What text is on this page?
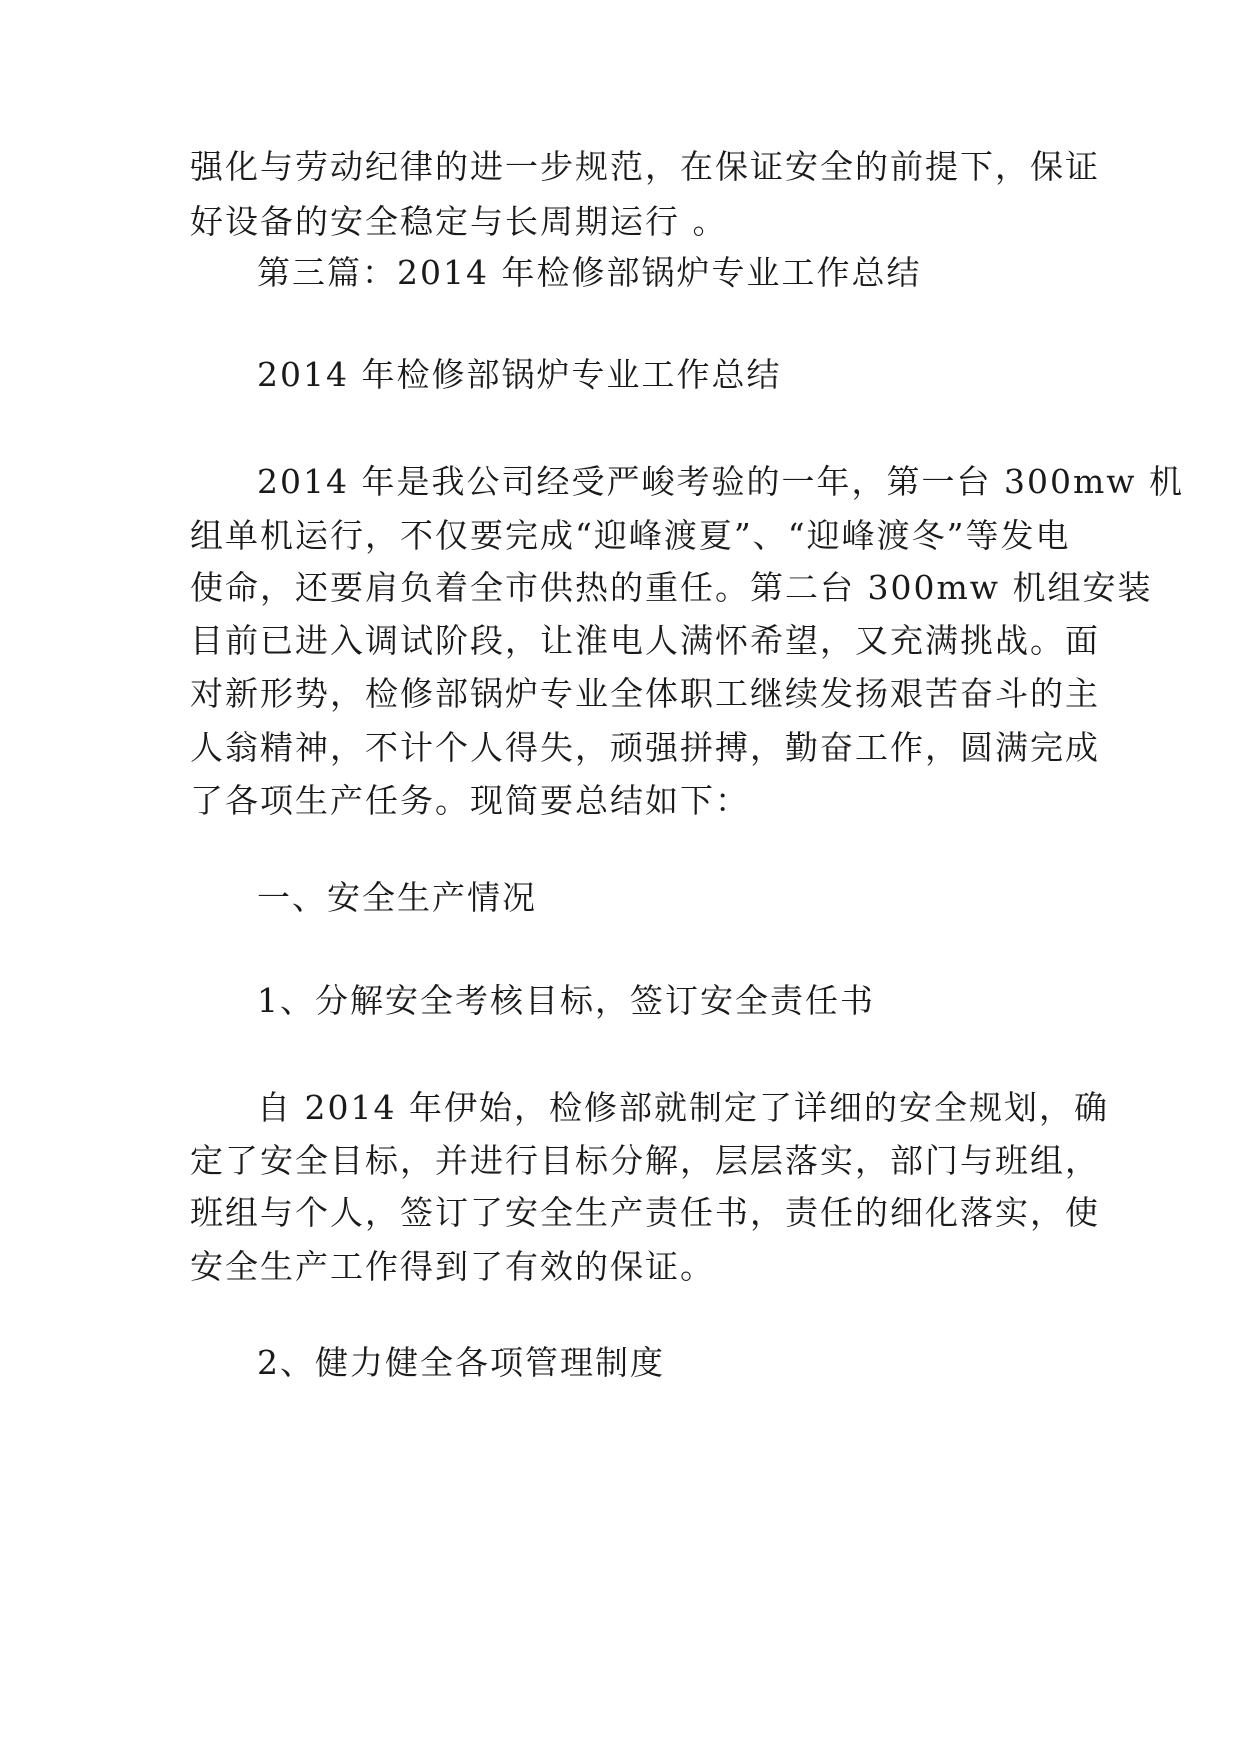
强化与劳动纪律的进一步规范，在保证安全的前提下，保证
好设备的安全稳定与长周期运行 。
第三篇：2014 年检修部锅炉专业工作总结
2014 年检修部锅炉专业工作总结
2014 年是我公司经受严峻考验的一年，第一台 300mw 机
组单机运行，不仅要完成“迎峰渡夏”、“迎峰渡冬”等发电
使命，还要肩负着全市供热的重任。第二台 300mw 机组安装
目前已进入调试阶段，让淮电人满怀希望，又充满挑战。面
对新形势，检修部锅炉专业全体职工继续发扬艰苦奋斗的主
人翁精神，不计个人得失，顽强拼搏，勤奋工作，圆满完成
了各项生产任务。现简要总结如下：
一、安全生产情况
1、分解安全考核目标，签订安全责任书
自 2014 年伊始，检修部就制定了详细的安全规划，确
定了安全目标，并进行目标分解，层层落实，部门与班组，
班组与个人，签订了安全生产责任书，责任的细化落实，使
安全生产工作得到了有效的保证。
2、健力健全各项管理制度
